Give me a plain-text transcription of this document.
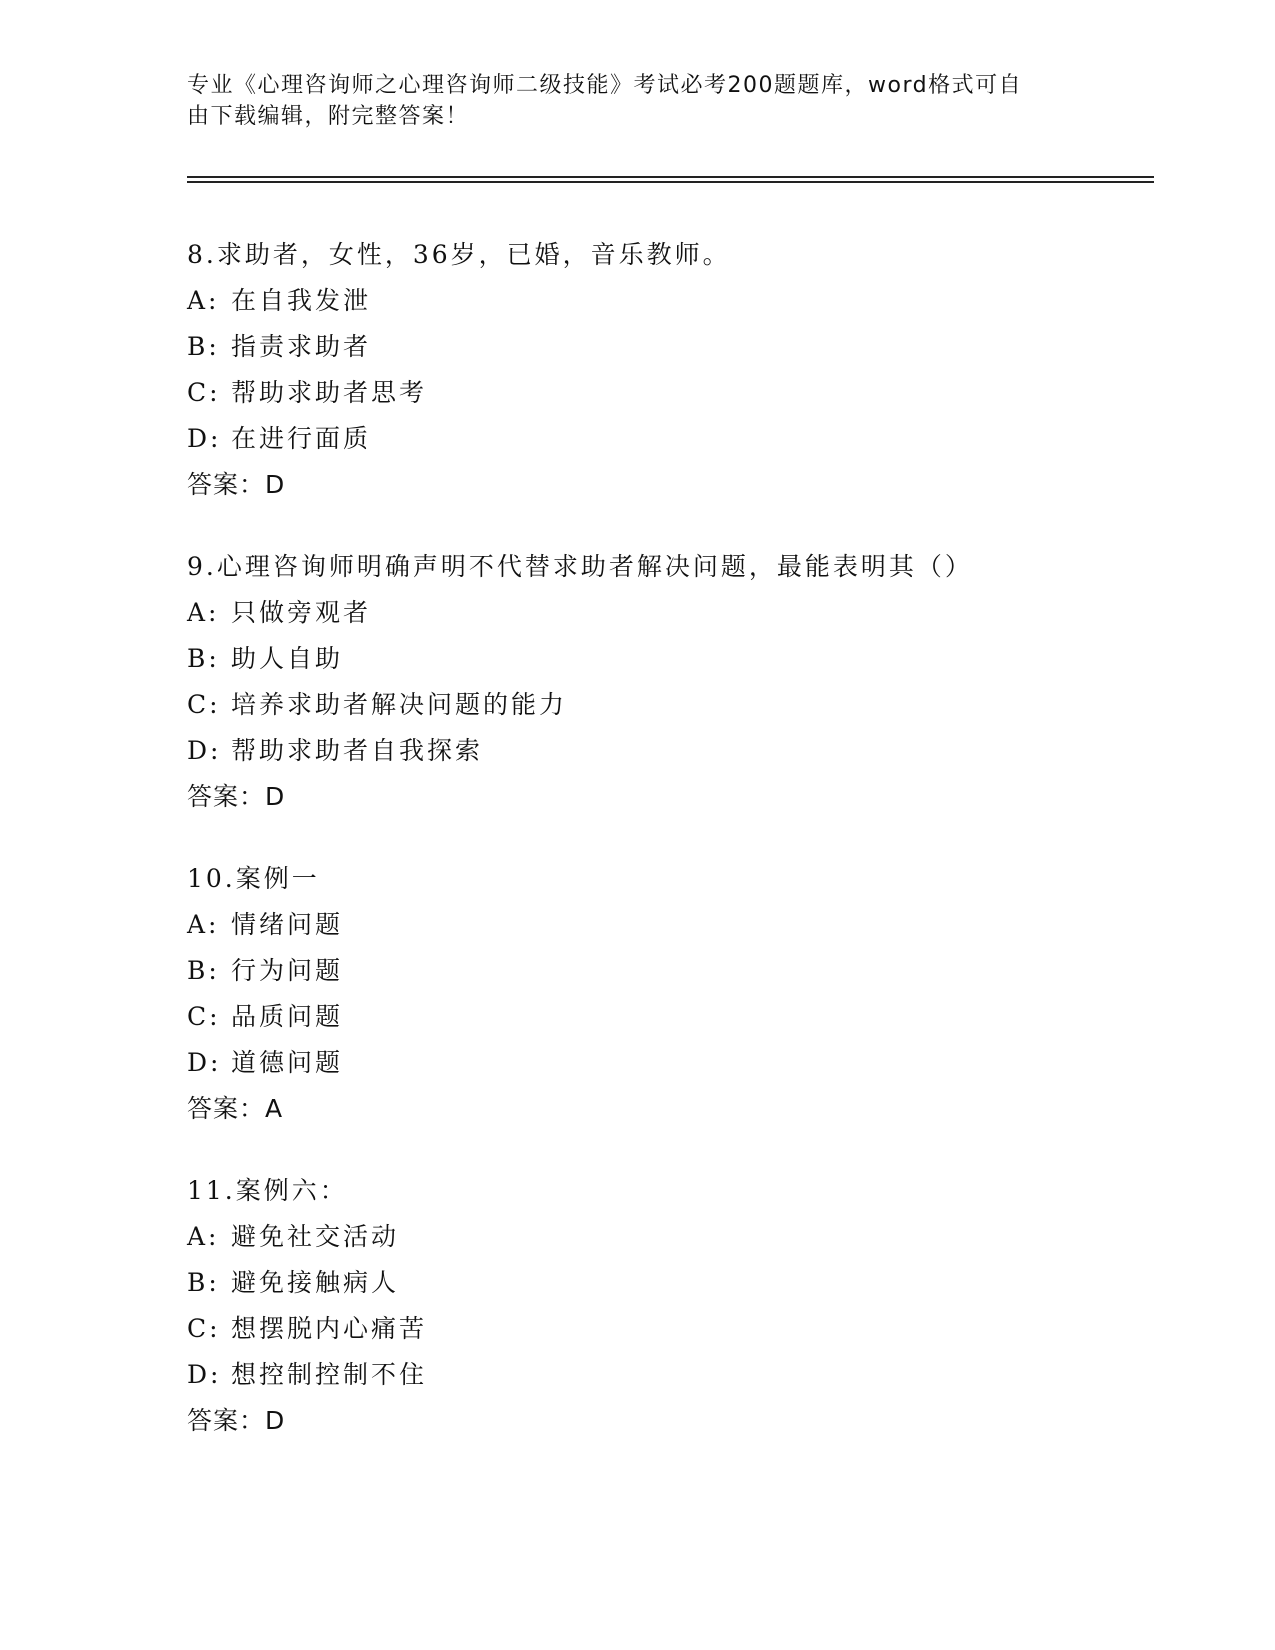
专业《心理咨询师之心理咨询师二级技能》考试必考200题题库，word格式可自
由下载编辑，附完整答案！
8.求助者，女性，36岁，已婚，音乐教师。
A: 在自我发泄
B: 指责求助者
C: 帮助求助者思考
D: 在进行面质
答案：D
9.心理咨询师明确声明不代替求助者解决问题，最能表明其（）
A: 只做旁观者
B: 助人自助
C: 培养求助者解决问题的能力
D: 帮助求助者自我探索
答案：D
10.案例一
A: 情绪问题
B: 行为问题
C: 品质问题
D: 道德问题
答案：A
11.案例六：
A: 避免社交活动
B: 避免接触病人
C: 想摆脱内心痛苦
D: 想控制控制不住
答案：D
